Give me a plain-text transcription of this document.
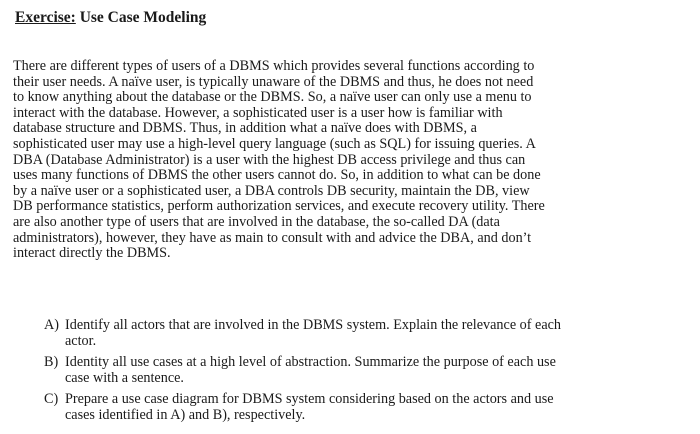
Exercise: Use Case Modeling

There are different types of users of a DBMS which provides several functions according to
their user needs. A naïve user, is typically unaware of the DBMS and thus, he does not need
to know anything about the database or the DBMS. So, a naïve user can only use a menu to
interact with the database. However, a sophisticated user is a user how is familiar with
database structure and DBMS. Thus, in addition what a naïve does with DBMS, a
sophisticated user may use a high-level query language (such as SQL) for issuing queries. A
DBA (Database Administrator) is a user with the highest DB access privilege and thus can
uses many functions of DBMS the other users cannot do. So, in addition to what can be done
by a naïve user or a sophisticated user, a DBA controls DB security, maintain the DB, view
DB performance statistics, perform authorization services, and execute recovery utility. There
are also another type of users that are involved in the database, the so-called DA (data
administrators), however, they have as main to consult with and advice the DBA, and don’t
interact directly the DBMS.

A) Identify all actors that are involved in the DBMS system. Explain the relevance of each
actor.
B) Identity all use cases at a high level of abstraction. Summarize the purpose of each use
case with a sentence.
C) Prepare a use case diagram for DBMS system considering based on the actors and use
cases identified in A) and B), respectively.
